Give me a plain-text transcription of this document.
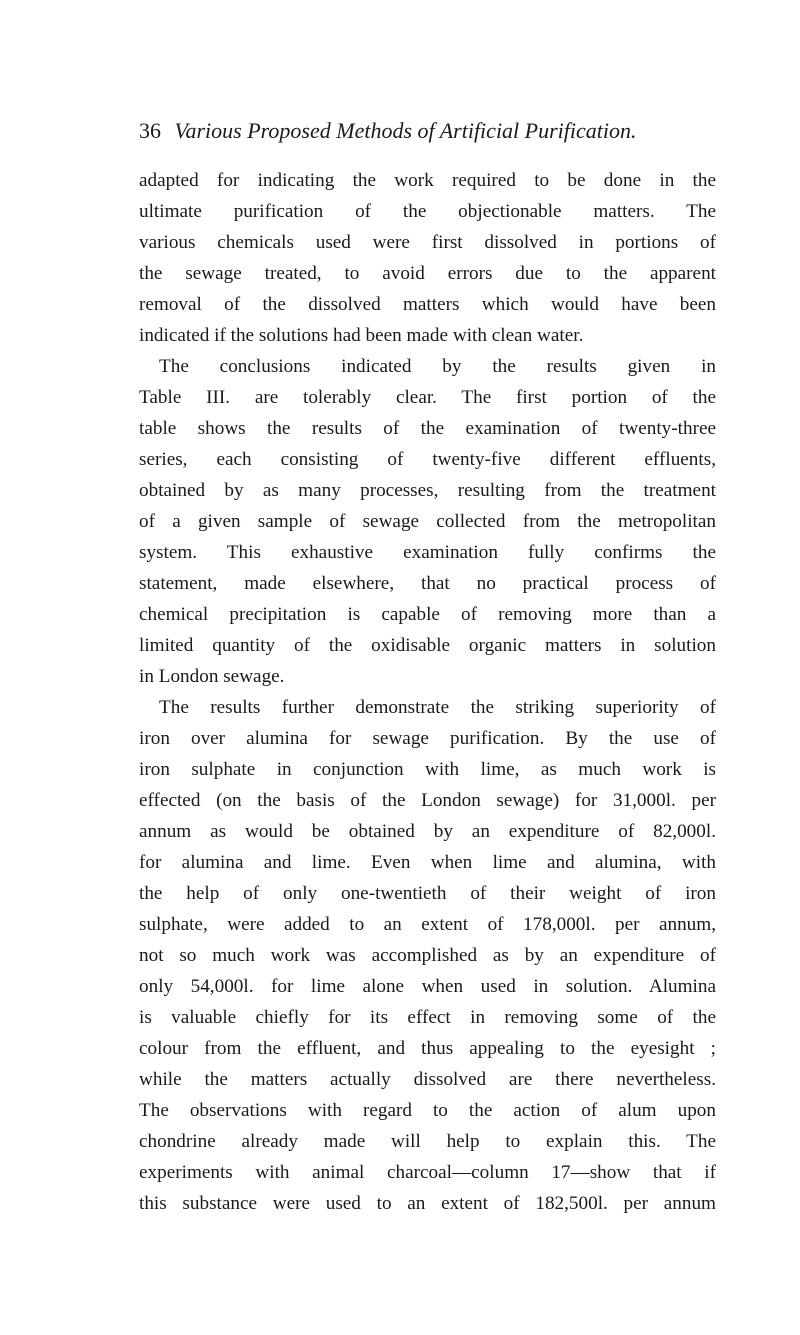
36 Various Proposed Methods of Artificial Purification.
adapted for indicating the work required to be done in the
ultimate purification of the objectionable matters. The
various chemicals used were first dissolved in portions of
the sewage treated, to avoid errors due to the apparent
removal of the dissolved matters which would have been
indicated if the solutions had been made with clean water.
The conclusions indicated by the results given in
Table III. are tolerably clear. The first portion of the
table shows the results of the examination of twenty-three
series, each consisting of twenty-five different effluents,
obtained by as many processes, resulting from the treatment
of a given sample of sewage collected from the metropolitan
system. This exhaustive examination fully confirms the
statement, made elsewhere, that no practical process of
chemical precipitation is capable of removing more than a
limited quantity of the oxidisable organic matters in solution
in London sewage.
The results further demonstrate the striking superiority of
iron over alumina for sewage purification. By the use of
iron sulphate in conjunction with lime, as much work is
effected (on the basis of the London sewage) for 31,000l. per
annum as would be obtained by an expenditure of 82,000l.
for alumina and lime. Even when lime and alumina, with
the help of only one-twentieth of their weight of iron
sulphate, were added to an extent of 178,000l. per annum,
not so much work was accomplished as by an expenditure of
only 54,000l. for lime alone when used in solution. Alumina
is valuable chiefly for its effect in removing some of the
colour from the effluent, and thus appealing to the eyesight ;
while the matters actually dissolved are there nevertheless.
The observations with regard to the action of alum upon
chondrine already made will help to explain this. The
experiments with animal charcoal—column 17—show that if
this substance were used to an extent of 182,500l. per annum
